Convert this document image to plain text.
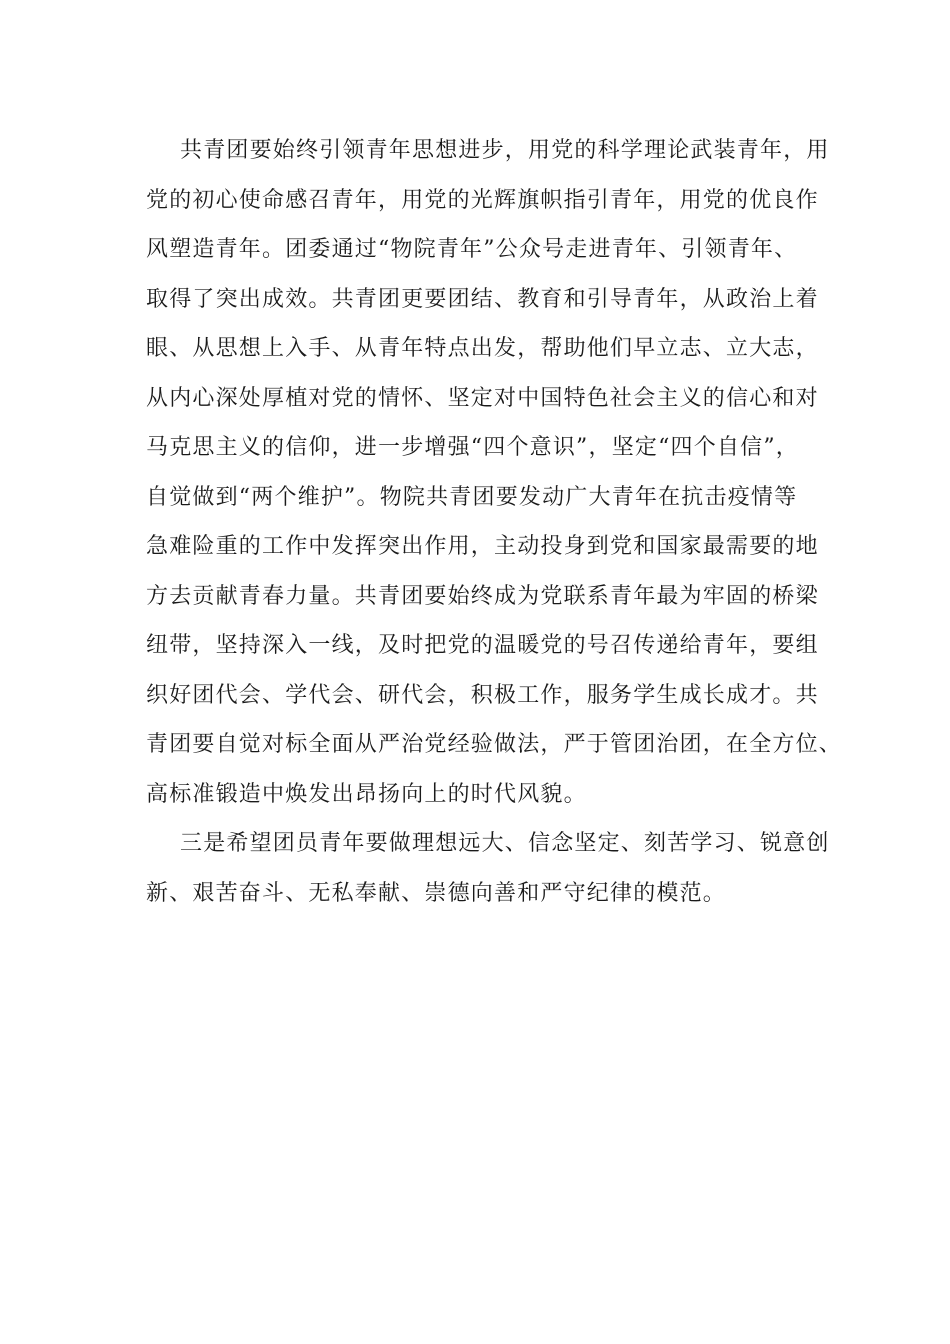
共青团要始终引领青年思想进步，用党的科学理论武装青年，用
党的初心使命感召青年，用党的光辉旗帜指引青年，用党的优良作
风塑造青年。团委通过“物院青年”公众号走进青年、引领青年、
取得了突出成效。共青团更要团结、教育和引导青年，从政治上着
眼、从思想上入手、从青年特点出发，帮助他们早立志、立大志，
从内心深处厚植对党的情怀、坚定对中国特色社会主义的信心和对
马克思主义的信仰，进一步增强“四个意识”，坚定“四个自信”，
自觉做到“两个维护”。物院共青团要发动广大青年在抗击疫情等
急难险重的工作中发挥突出作用，主动投身到党和国家最需要的地
方去贡献青春力量。共青团要始终成为党联系青年最为牢固的桥梁
纽带，坚持深入一线，及时把党的温暖党的号召传递给青年，要组
织好团代会、学代会、研代会，积极工作，服务学生成长成才。共
青团要自觉对标全面从严治党经验做法，严于管团治团，在全方位、
高标准锻造中焕发出昂扬向上的时代风貌。

三是希望团员青年要做理想远大、信念坚定、刻苦学习、锐意创
新、艰苦奋斗、无私奉献、崇德向善和严守纪律的模范。
